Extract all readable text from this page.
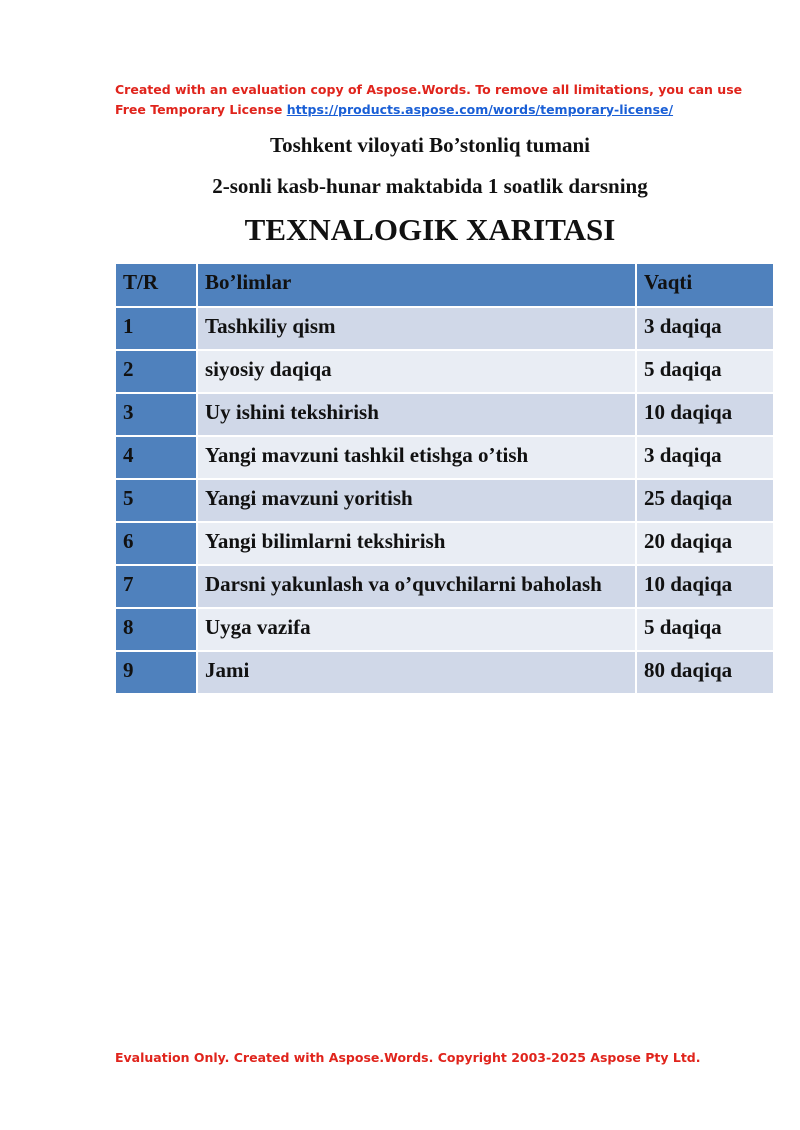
Created with an evaluation copy of Aspose.Words. To remove all limitations, you can use
Free Temporary License https://products.aspose.com/words/temporary-license/
Toshkent viloyati Bo’stonliq tumani
2-sonli kasb-hunar maktabida 1 soatlik darsning
TEXNALOGIK XARITASI
T/R	Bo’limlar	Vaqti
1	Tashkiliy qism	3 daqiqa
2	siyosiy daqiqa	5 daqiqa
3	Uy ishini tekshirish	10 daqiqa
4	Yangi mavzuni tashkil etishga o’tish	3 daqiqa
5	Yangi mavzuni yoritish	25 daqiqa
6	Yangi bilimlarni tekshirish	20 daqiqa
7	Darsni yakunlash va o’quvchilarni baholash	10 daqiqa
8	Uyga vazifa	5 daqiqa
9	Jami	80 daqiqa
Evaluation Only. Created with Aspose.Words. Copyright 2003-2025 Aspose Pty Ltd.
